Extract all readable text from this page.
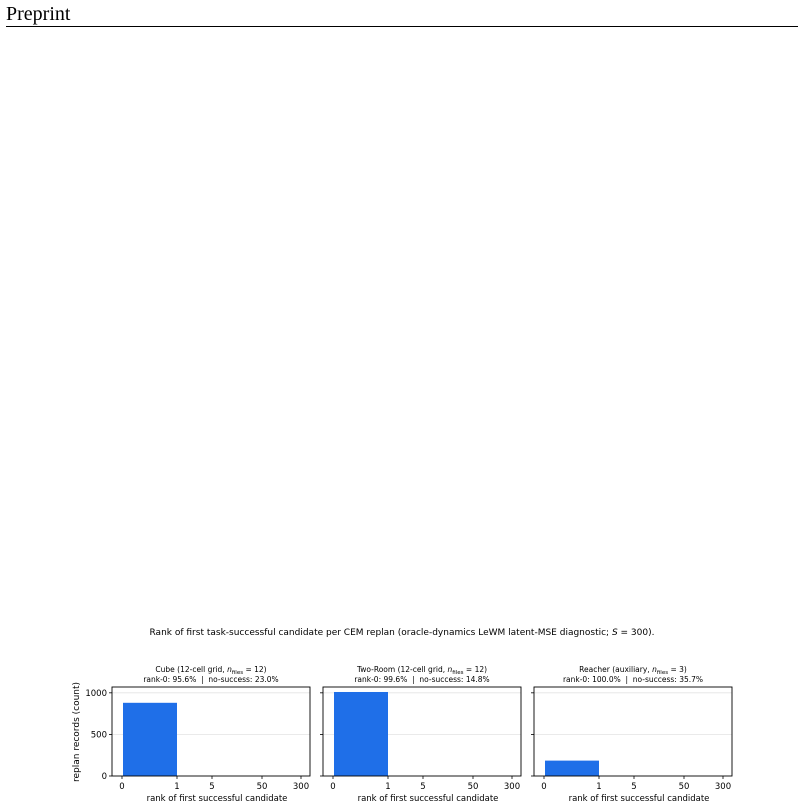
Preprint
Rank of first task-successful candidate per CEM replan (oracle-dynamics LeWM latent-MSE diagnostic; S = 300).
replan records (count) 0
500
1000
0	1	5	50	300
rank of first successful candidate
Cube (12-cell grid, $n_{files} = 12$)
rank-0: 95.6%  |  no-success: 23.0%
0	1	5	50	300
rank of first successful candidate
Two-Room (12-cell grid, $n_{files} = 12$)
rank-0: 99.6%  |  no-success: 14.8%
0	1	5	50	300
rank of first successful candidate
Reacher (auxiliary, $n_{files} = 3$)
rank-0: 100.0%  |  no-success: 35.7%
